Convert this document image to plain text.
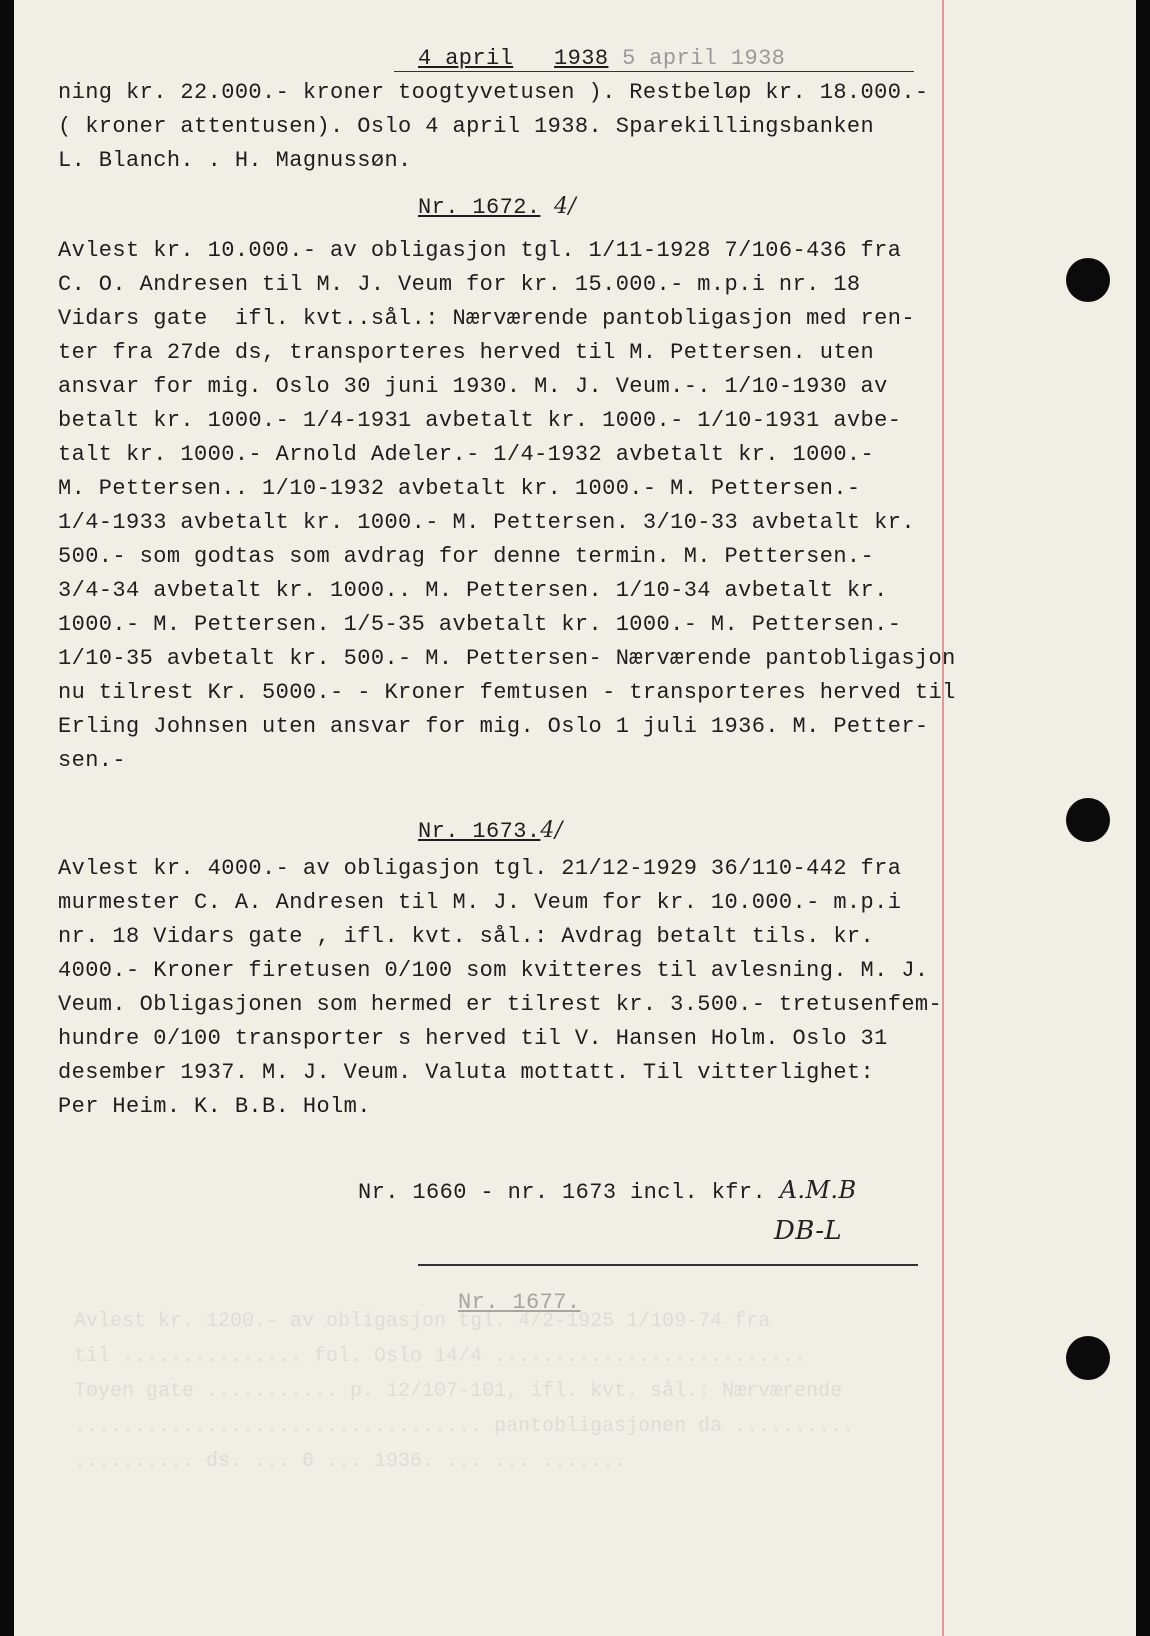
Avlest kr. 1200.- av obligasjon tgl. 4/2-1925 1/109-74 fra
til ............... fol. Oslo 14/4 ..........................
Tøyen gate ........... p. 12/107-101, ifl. kvt. sål.: Nærværende
.................................. pantobligasjonen da ..........
.......... ds. ... 6 ... 1936. ... ... .......
4 april 1938 5 april 1938
ning kr. 22.000.- kroner toogtyvetusen ). Restbeløp kr. 18.000.-
( kroner attentusen). Oslo 4 april 1938. Sparekillingsbanken
L. Blanch. . H. Magnussøn.
Nr. 1672. 4/
Avlest kr. 10.000.- av obligasjon tgl. 1/11-1928 7/106-436 fra
C. O. Andresen til M. J. Veum for kr. 15.000.- m.p.i nr. 18
Vidars gate  ifl. kvt..sål.: Nærværende pantobligasjon med ren-
ter fra 27de ds, transporteres herved til M. Pettersen. uten
ansvar for mig. Oslo 30 juni 1930. M. J. Veum.-. 1/10-1930 av
betalt kr. 1000.- 1/4-1931 avbetalt kr. 1000.- 1/10-1931 avbe-
talt kr. 1000.- Arnold Adeler.- 1/4-1932 avbetalt kr. 1000.-
M. Pettersen.. 1/10-1932 avbetalt kr. 1000.- M. Pettersen.-
1/4-1933 avbetalt kr. 1000.- M. Pettersen. 3/10-33 avbetalt kr.
500.- som godtas som avdrag for denne termin. M. Pettersen.-
3/4-34 avbetalt kr. 1000.. M. Pettersen. 1/10-34 avbetalt kr.
1000.- M. Pettersen. 1/5-35 avbetalt kr. 1000.- M. Pettersen.-
1/10-35 avbetalt kr. 500.- M. Pettersen- Nærværende pantobligasjon
nu tilrest Kr. 5000.- - Kroner femtusen - transporteres herved til
Erling Johnsen uten ansvar for mig. Oslo 1 juli 1936. M. Petter-
sen.-
Nr. 1673.4/
Avlest kr. 4000.- av obligasjon tgl. 21/12-1929 36/110-442 fra
murmester C. A. Andresen til M. J. Veum for kr. 10.000.- m.p.i
nr. 18 Vidars gate , ifl. kvt. sål.: Avdrag betalt tils. kr.
4000.- Kroner firetusen 0/100 som kvitteres til avlesning. M. J.
Veum. Obligasjonen som hermed er tilrest kr. 3.500.- tretusenfem-
hundre 0/100 transporter s herved til V. Hansen Holm. Oslo 31
desember 1937. M. J. Veum. Valuta mottatt. Til vitterlighet:
Per Heim. K. B.B. Holm.
Nr. 1660 - nr. 1673 incl. kfr. A.M.B
DB-L
Nr. 1677.
